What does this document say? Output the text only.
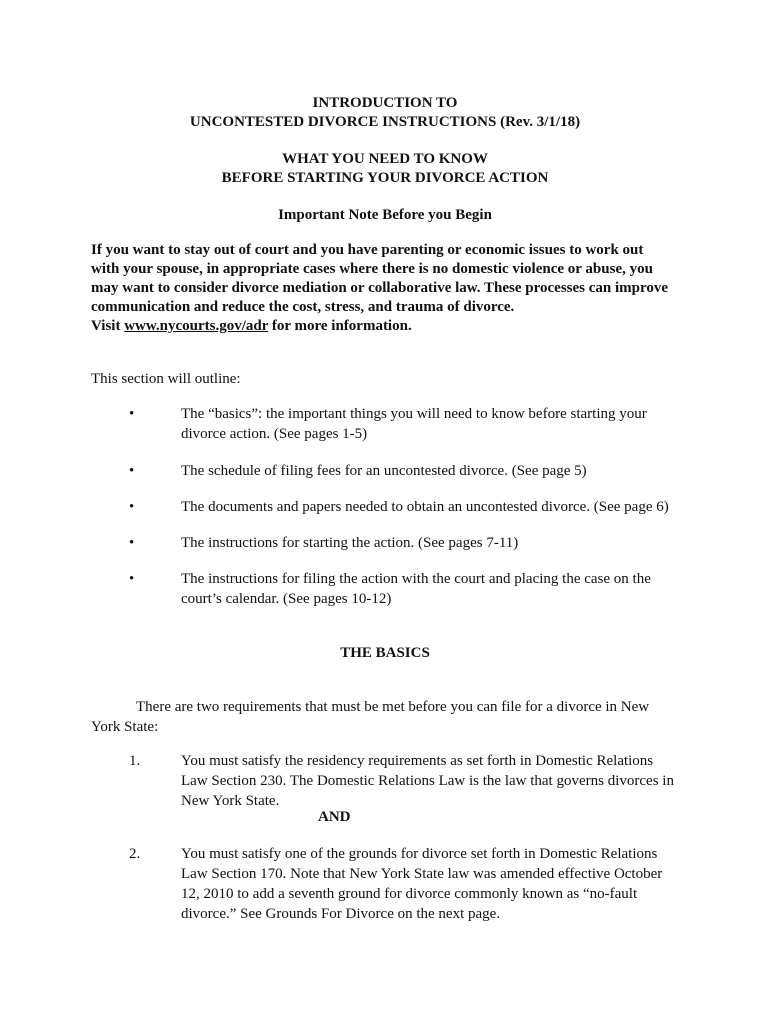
INTRODUCTION TO
UNCONTESTED DIVORCE INSTRUCTIONS (Rev. 3/1/18)
WHAT YOU NEED TO KNOW
BEFORE STARTING YOUR DIVORCE ACTION
Important Note Before you Begin
If you want to stay out of court and you have parenting or economic issues to work out
with your spouse, in appropriate cases where there is no domestic violence or abuse, you
may want to consider divorce mediation or collaborative law. These processes can improve
communication and reduce the cost, stress, and trauma of divorce.
Visit www.nycourts.gov/adr for more information.
This section will outline:
•	The “basics”: the important things you will need to know before starting your
divorce action. (See pages 1-5)
•	The schedule of filing fees for an uncontested divorce. (See page 5)
•	The documents and papers needed to obtain an uncontested divorce. (See page 6)
•	The instructions for starting the action. (See pages 7-11)
•	The instructions for filing the action with the court and placing the case on the
court’s calendar. (See pages 10-12)
THE BASICS
There are two requirements that must be met before you can file for a divorce in New
York State:
1.	You must satisfy the residency requirements as set forth in Domestic Relations
Law Section 230. The Domestic Relations Law is the law that governs divorces in
New York State.
AND
2.	You must satisfy one of the grounds for divorce set forth in Domestic Relations
Law Section 170. Note that New York State law was amended effective October
12, 2010 to add a seventh ground for divorce commonly known as “no-fault
divorce.” See Grounds For Divorce on the next page.
